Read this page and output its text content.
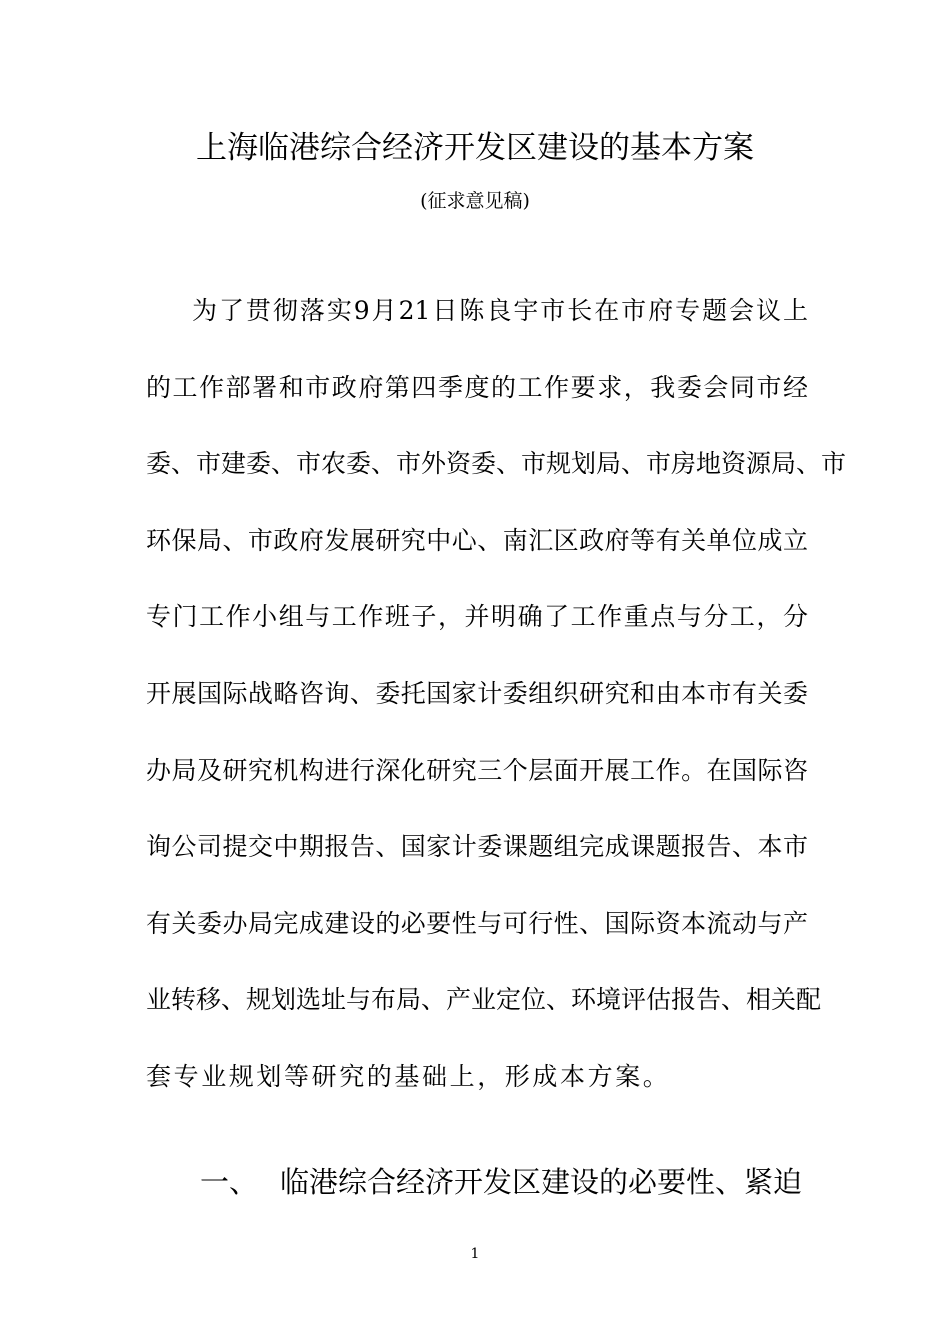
上海临港综合经济开发区建设的基本方案
(征求意见稿)
为了贯彻落实9月21日陈良宇市长在市府专题会议上
的工作部署和市政府第四季度的工作要求，我委会同市经
委、市建委、市农委、市外资委、市规划局、市房地资源局、市
环保局、市政府发展研究中心、南汇区政府等有关单位成立
专门工作小组与工作班子，并明确了工作重点与分工，分
开展国际战略咨询、委托国家计委组织研究和由本市有关委
办局及研究机构进行深化研究三个层面开展工作。在国际咨
询公司提交中期报告、国家计委课题组完成课题报告、本市
有关委办局完成建设的必要性与可行性、国际资本流动与产
业转移、规划选址与布局、产业定位、环境评估报告、相关配
套专业规划等研究的基础上，形成本方案。
一、 临港综合经济开发区建设的必要性、紧迫
1
